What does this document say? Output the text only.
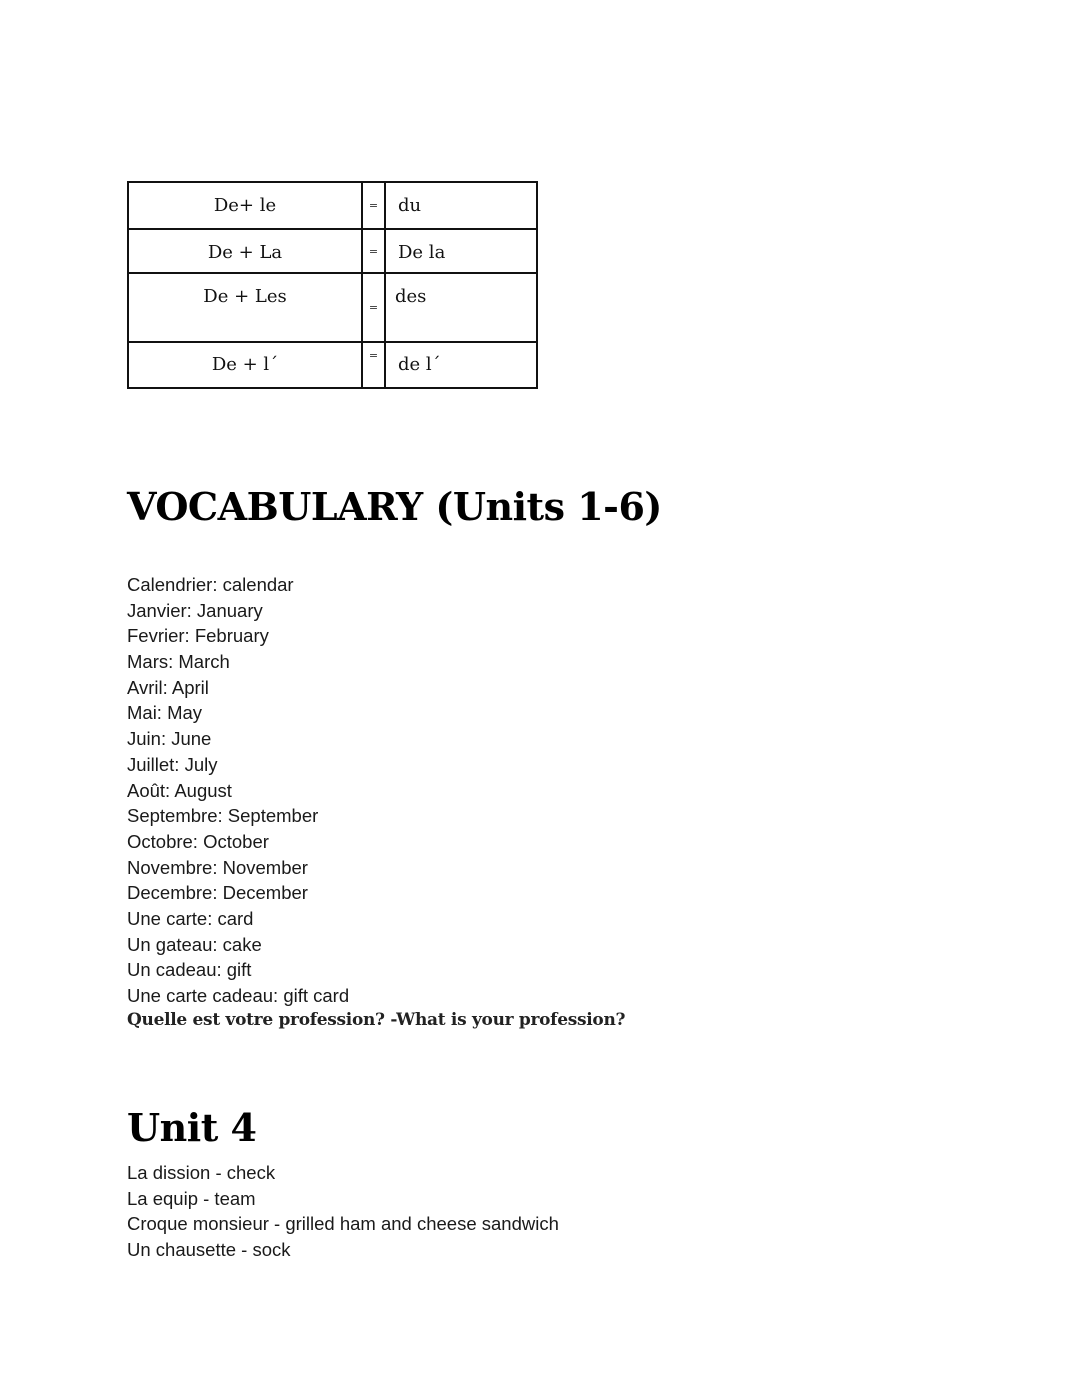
De+ le	=	du

De + La	=	De la

De + Les	=	des

De + l´	=	de l´
VOCABULARY (Units 1-6)
Calendrier: calendar
Janvier: January
Fevrier: February
Mars: March
Avril: April
Mai: May
Juin: June
Juillet: July
Août: August
Septembre: September
Octobre: October
Novembre: November
Decembre: December
Une carte: card
Un gateau: cake
Un cadeau: gift
Une carte cadeau: gift card

Quelle est votre profession? -What is your profession?

Unit 4
La dission - check
La equip - team
Croque monsieur - grilled ham and cheese sandwich
Un chausette - sock
